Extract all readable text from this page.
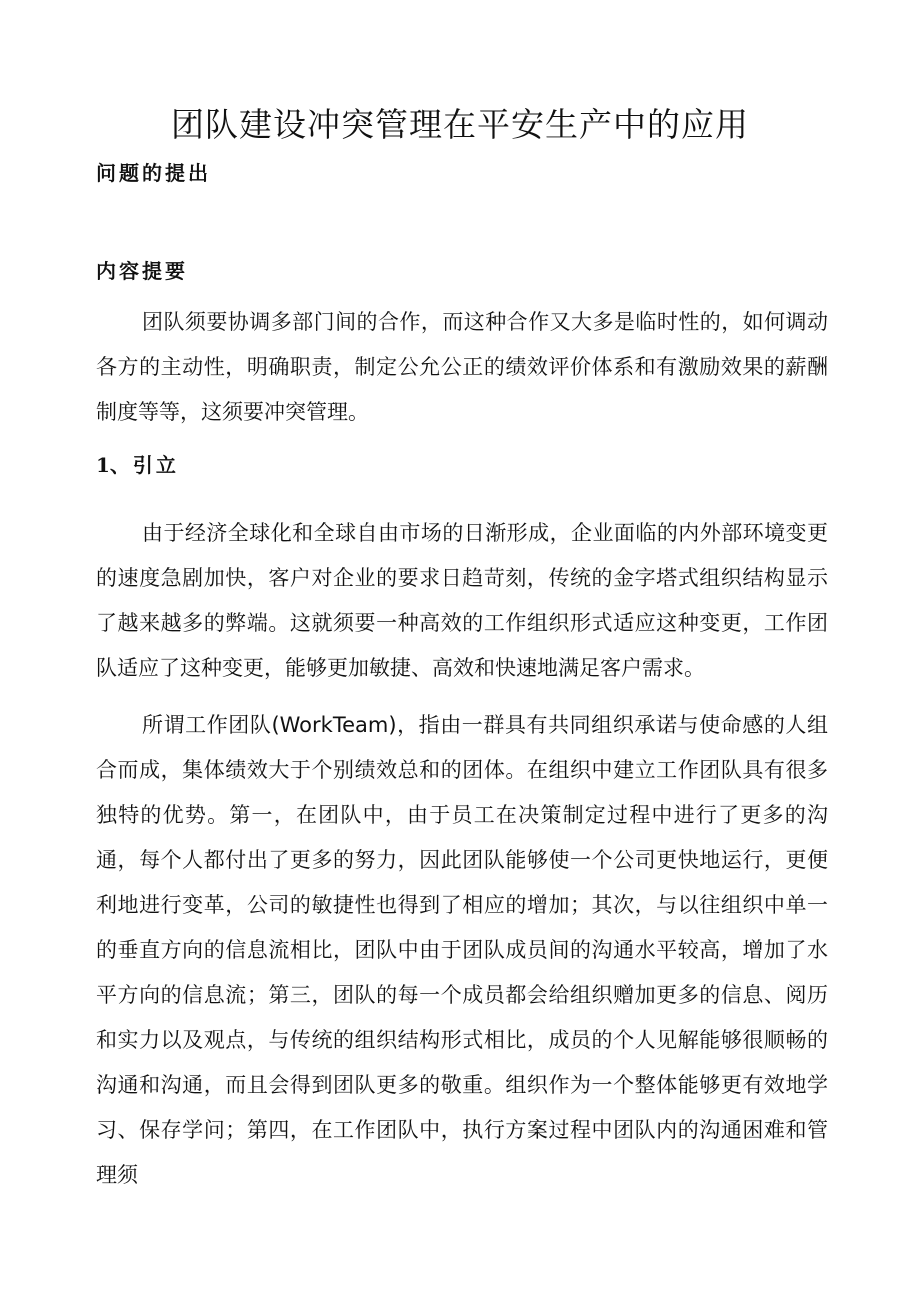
团队建设冲突管理在平安生产中的应用
问题的提出
内容提要

团队须要协调多部门间的合作，而这种合作又大多是临时性的，如何调动各方的主动性，明确职责，制定公允公正的绩效评价体系和有激励效果的薪酬制度等等，这须要冲突管理。

1、引立

由于经济全球化和全球自由市场的日渐形成，企业面临的内外部环境变更的速度急剧加快，客户对企业的要求日趋苛刻，传统的金字塔式组织结构显示了越来越多的弊端。这就须要一种高效的工作组织形式适应这种变更，工作团队适应了这种变更，能够更加敏捷、高效和快速地满足客户需求。

所谓工作团队(WorkTeam)，指由一群具有共同组织承诺与使命感的人组合而成，集体绩效大于个别绩效总和的团体。在组织中建立工作团队具有很多独特的优势。第一，在团队中，由于员工在决策制定过程中进行了更多的沟通，每个人都付出了更多的努力，因此团队能够使一个公司更快地运行，更便利地进行变革，公司的敏捷性也得到了相应的增加；其次，与以往组织中单一的垂直方向的信息流相比，团队中由于团队成员间的沟通水平较高，增加了水平方向的信息流；第三，团队的每一个成员都会给组织赠加更多的信息、阅历和实力以及观点，与传统的组织结构形式相比，成员的个人见解能够很顺畅的沟通和沟通，而且会得到团队更多的敬重。组织作为一个整体能够更有效地学习、保存学问；第四，在工作团队中，执行方案过程中团队内的沟通困难和管理须
